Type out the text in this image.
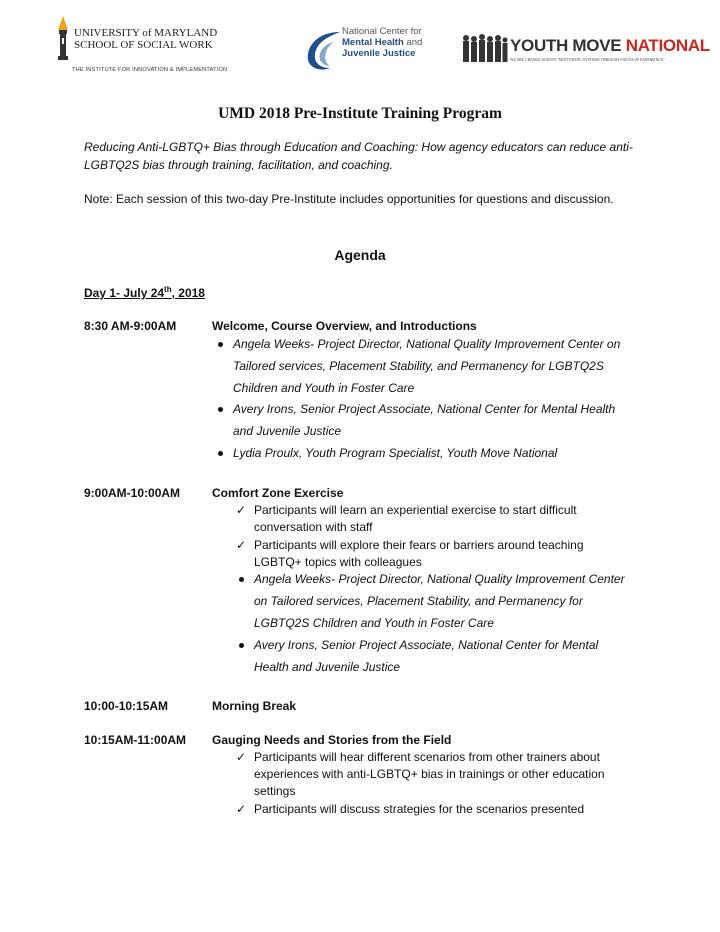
UNIVERSITY of MARYLAND
SCHOOL OF SOCIAL WORK
THE INSTITUTE FOR INNOVATION & IMPLEMENTATION
National Center for
Mental Health and
Juvenile Justice	YOUTH MOVE NATIONAL
WE ARE CHANGE AGENTS "MOTIVATING SYSTEMS THROUGH VOICES OF EXPERIENCE"
UMD 2018 Pre-Institute Training Program
Reducing Anti-LGBTQ+ Bias through Education and Coaching: How agency educators can reduce anti-LGBTQ2S bias through training, facilitation, and coaching.
Note: Each session of this two-day Pre-Institute includes opportunities for questions and discussion.
Agenda
Day 1- July 24th, 2018
8:30 AM-9:00AM	Welcome, Course Overview, and Introductions
Angela Weeks- Project Director, National Quality Improvement Center on Tailored services, Placement Stability, and Permanency for LGBTQ2S Children and Youth in Foster Care
Avery Irons, Senior Project Associate, National Center for Mental Health and Juvenile Justice
Lydia Proulx, Youth Program Specialist, Youth Move National
9:00AM-10:00AM	Comfort Zone Exercise
✓ Participants will learn an experiential exercise to start difficult conversation with staff
✓ Participants will explore their fears or barriers around teaching LGBTQ+ topics with colleagues
Angela Weeks- Project Director, National Quality Improvement Center on Tailored services, Placement Stability, and Permanency for LGBTQ2S Children and Youth in Foster Care
Avery Irons, Senior Project Associate, National Center for Mental Health and Juvenile Justice
10:00-10:15AM	Morning Break
10:15AM-11:00AM Gauging Needs and Stories from the Field
✓ Participants will hear different scenarios from other trainers about experiences with anti-LGBTQ+ bias in trainings or other education settings
✓ Participants will discuss strategies for the scenarios presented
